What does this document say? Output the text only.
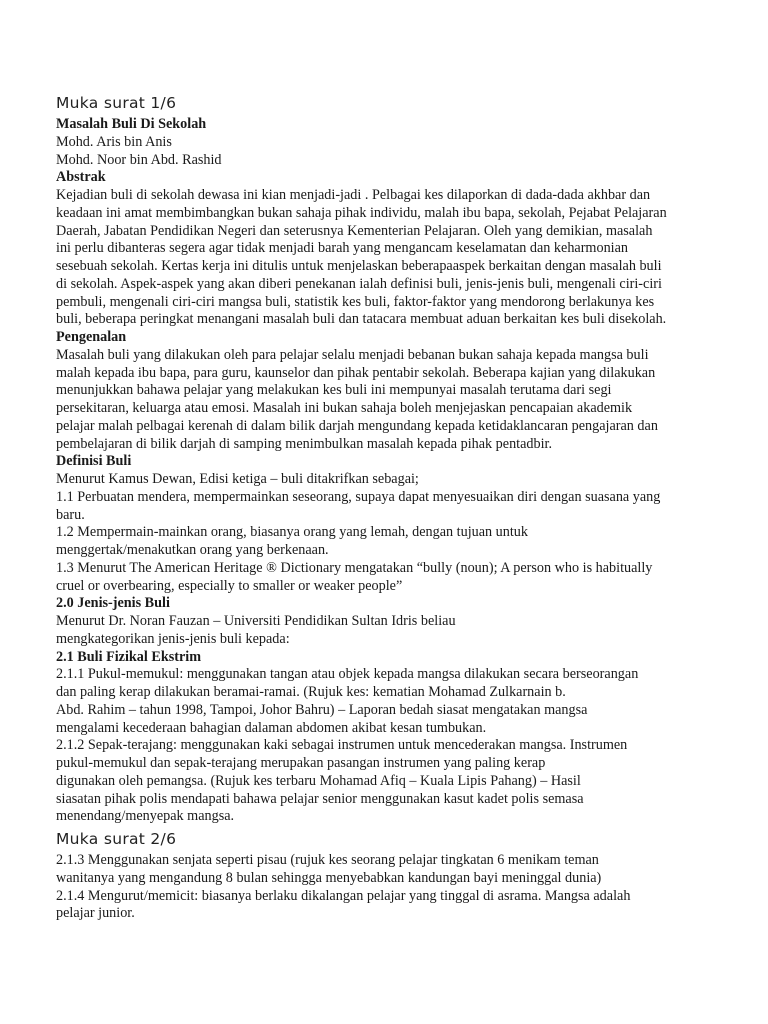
Muka surat 1/6
Masalah Buli Di Sekolah
Mohd. Aris bin Anis
Mohd. Noor bin Abd. Rashid
Abstrak
Kejadian buli di sekolah dewasa ini kian menjadi-jadi . Pelbagai kes dilaporkan di dada-dada akhbar dan
keadaan ini amat membimbangkan bukan sahaja pihak individu, malah ibu bapa, sekolah, Pejabat Pelajaran
Daerah, Jabatan Pendidikan Negeri dan seterusnya Kementerian Pelajaran. Oleh yang demikian, masalah
ini perlu dibanteras segera agar tidak menjadi barah yang mengancam keselamatan dan keharmonian
sesebuah sekolah. Kertas kerja ini ditulis untuk menjelaskan beberapaaspek berkaitan dengan masalah buli
di sekolah. Aspek-aspek yang akan diberi penekanan ialah definisi buli, jenis-jenis buli, mengenali ciri-ciri
pembuli, mengenali ciri-ciri mangsa buli, statistik kes buli, faktor-faktor yang mendorong berlakunya kes
buli, beberapa peringkat menangani masalah buli dan tatacara membuat aduan berkaitan kes buli disekolah.
Pengenalan
Masalah buli yang dilakukan oleh para pelajar selalu menjadi bebanan bukan sahaja kepada mangsa buli
malah kepada ibu bapa, para guru, kaunselor dan pihak pentabir sekolah. Beberapa kajian yang dilakukan
menunjukkan bahawa pelajar yang melakukan kes buli ini mempunyai masalah terutama dari segi
persekitaran, keluarga atau emosi. Masalah ini bukan sahaja boleh menjejaskan pencapaian akademik
pelajar malah pelbagai kerenah di dalam bilik darjah mengundang kepada ketidaklancaran pengajaran dan
pembelajaran di bilik darjah di samping menimbulkan masalah kepada pihak pentadbir.
Definisi Buli
Menurut Kamus Dewan, Edisi ketiga – buli ditakrifkan sebagai;
1.1 Perbuatan mendera, mempermainkan seseorang, supaya dapat menyesuaikan diri dengan suasana yang
baru.
1.2 Mempermain-mainkan orang, biasanya orang yang lemah, dengan tujuan untuk
menggertak/menakutkan orang yang berkenaan.
1.3 Menurut The American Heritage ® Dictionary mengatakan “bully (noun); A person who is habitually
cruel or overbearing, especially to smaller or weaker people”
2.0 Jenis-jenis Buli
Menurut Dr. Noran Fauzan – Universiti Pendidikan Sultan Idris beliau
mengkategorikan jenis-jenis buli kepada:
2.1 Buli Fizikal Ekstrim
2.1.1 Pukul-memukul: menggunakan tangan atau objek kepada mangsa dilakukan secara berseorangan
dan paling kerap dilakukan beramai-ramai. (Rujuk kes: kematian Mohamad Zulkarnain b.
Abd. Rahim – tahun 1998, Tampoi, Johor Bahru) – Laporan bedah siasat mengatakan mangsa
mengalami kecederaan bahagian dalaman abdomen akibat kesan tumbukan.
2.1.2 Sepak-terajang: menggunakan kaki sebagai instrumen untuk mencederakan mangsa. Instrumen
pukul-memukul dan sepak-terajang merupakan pasangan instrumen yang paling kerap
digunakan oleh pemangsa. (Rujuk kes terbaru Mohamad Afiq – Kuala Lipis Pahang) – Hasil
siasatan pihak polis mendapati bahawa pelajar senior menggunakan kasut kadet polis semasa
menendang/menyepak mangsa.
Muka surat 2/6
2.1.3 Menggunakan senjata seperti pisau (rujuk kes seorang pelajar tingkatan 6 menikam teman
wanitanya yang mengandung 8 bulan sehingga menyebabkan kandungan bayi meninggal dunia)
2.1.4 Mengurut/memicit: biasanya berlaku dikalangan pelajar yang tinggal di asrama. Mangsa adalah
pelajar junior.
